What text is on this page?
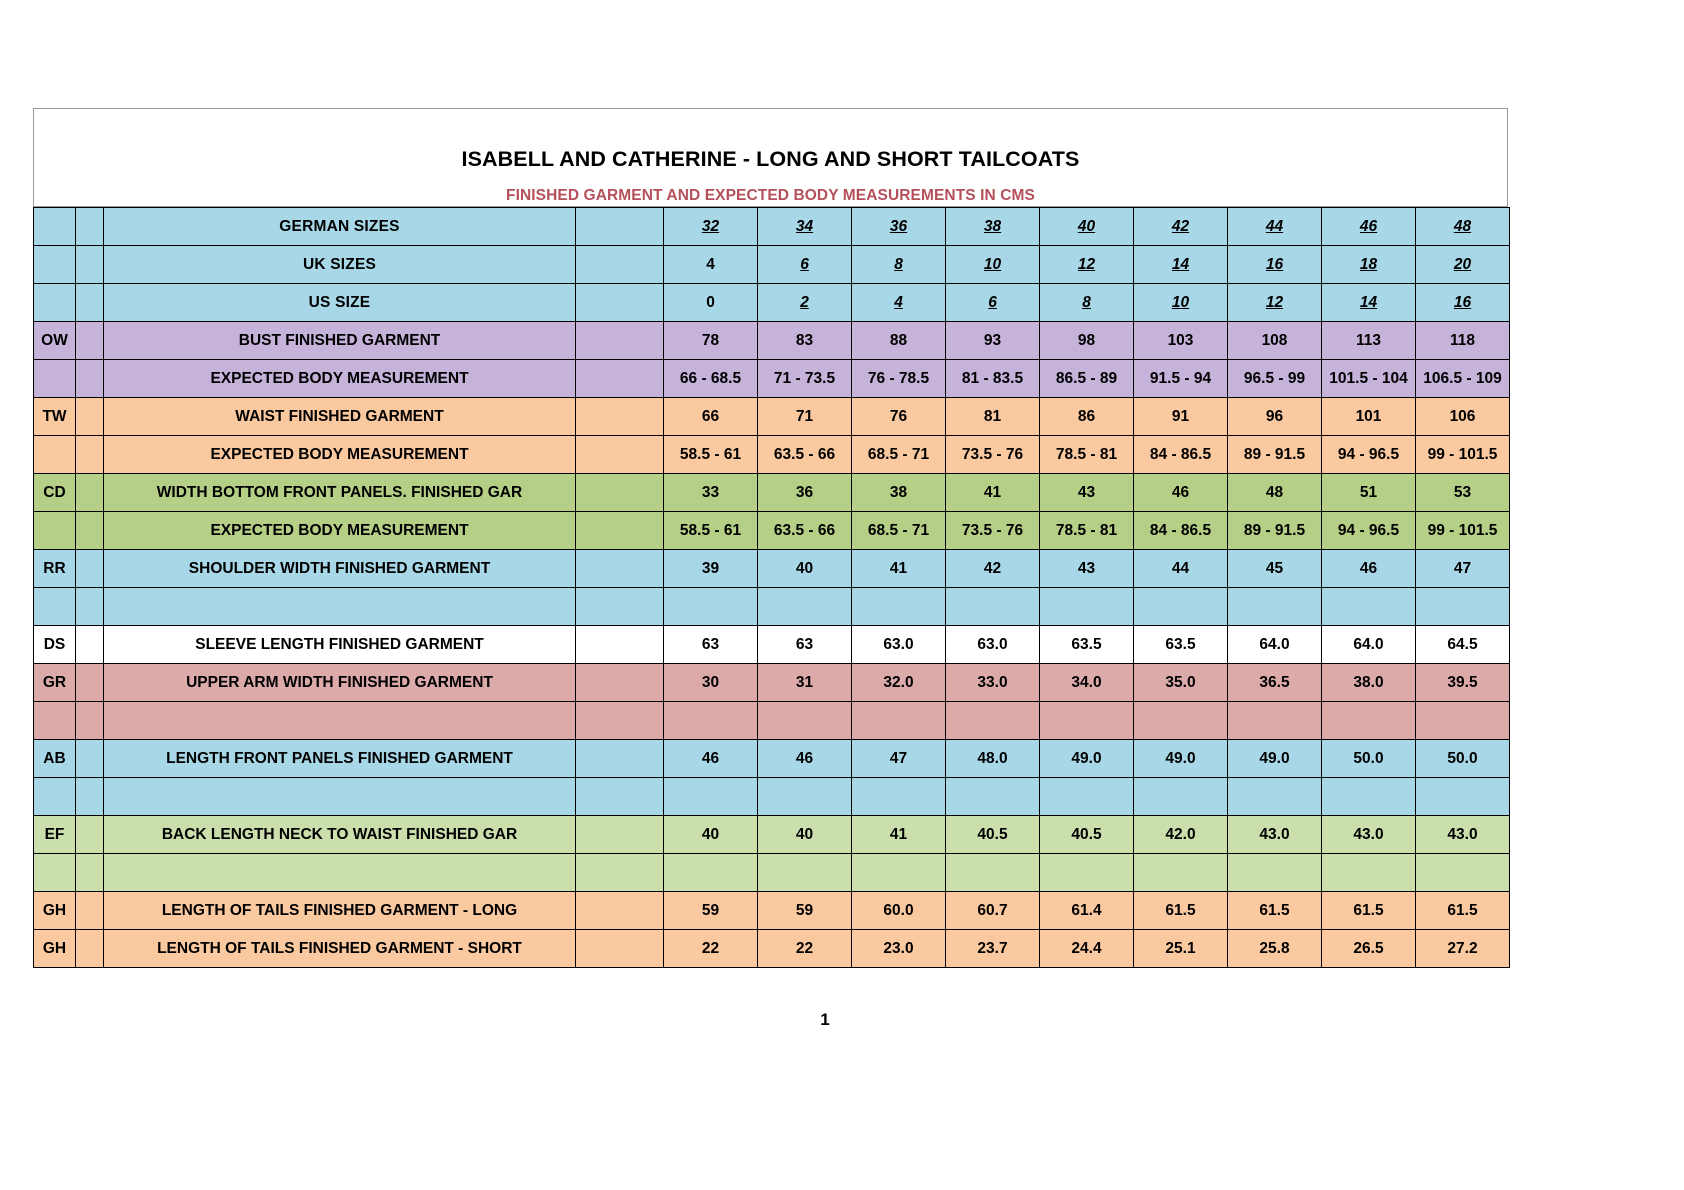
ISABELL AND CATHERINE - LONG AND SHORT TAILCOATS
FINISHED GARMENT AND EXPECTED BODY MEASUREMENTS IN CMS
		GERMAN SIZES		32	34	36	38	40	42	44	46	48
		UK SIZES		4	6	8	10	12	14	16	18	20
		US SIZE		0	2	4	6	8	10	12	14	16
OW		BUST FINISHED GARMENT		78	83	88	93	98	103	108	113	118
		EXPECTED BODY MEASUREMENT		66 - 68.5	71 - 73.5	76 - 78.5	81 - 83.5	86.5 - 89	91.5 - 94	96.5 - 99	101.5 - 104	106.5 - 109
TW		WAIST FINISHED GARMENT		66	71	76	81	86	91	96	101	106
		EXPECTED BODY MEASUREMENT		58.5 - 61	63.5 - 66	68.5 - 71	73.5 - 76	78.5 - 81	84 - 86.5	89 - 91.5	94 - 96.5	99 - 101.5
CD		WIDTH BOTTOM FRONT PANELS. FINISHED GAR		33	36	38	41	43	46	48	51	53
		EXPECTED BODY MEASUREMENT		58.5 - 61	63.5 - 66	68.5 - 71	73.5 - 76	78.5 - 81	84 - 86.5	89 - 91.5	94 - 96.5	99 - 101.5
RR		SHOULDER WIDTH FINISHED GARMENT		39	40	41	42	43	44	45	46	47

DS		SLEEVE LENGTH FINISHED GARMENT		63	63	63.0	63.0	63.5	63.5	64.0	64.0	64.5
GR		UPPER ARM WIDTH FINISHED GARMENT		30	31	32.0	33.0	34.0	35.0	36.5	38.0	39.5

AB		LENGTH FRONT PANELS FINISHED GARMENT		46	46	47	48.0	49.0	49.0	49.0	50.0	50.0

EF		BACK LENGTH NECK TO WAIST FINISHED GAR		40	40	41	40.5	40.5	42.0	43.0	43.0	43.0

GH		LENGTH OF TAILS FINISHED GARMENT - LONG		59	59	60.0	60.7	61.4	61.5	61.5	61.5	61.5
GH		LENGTH OF TAILS FINISHED GARMENT - SHORT		22	22	23.0	23.7	24.4	25.1	25.8	26.5	27.2
1
